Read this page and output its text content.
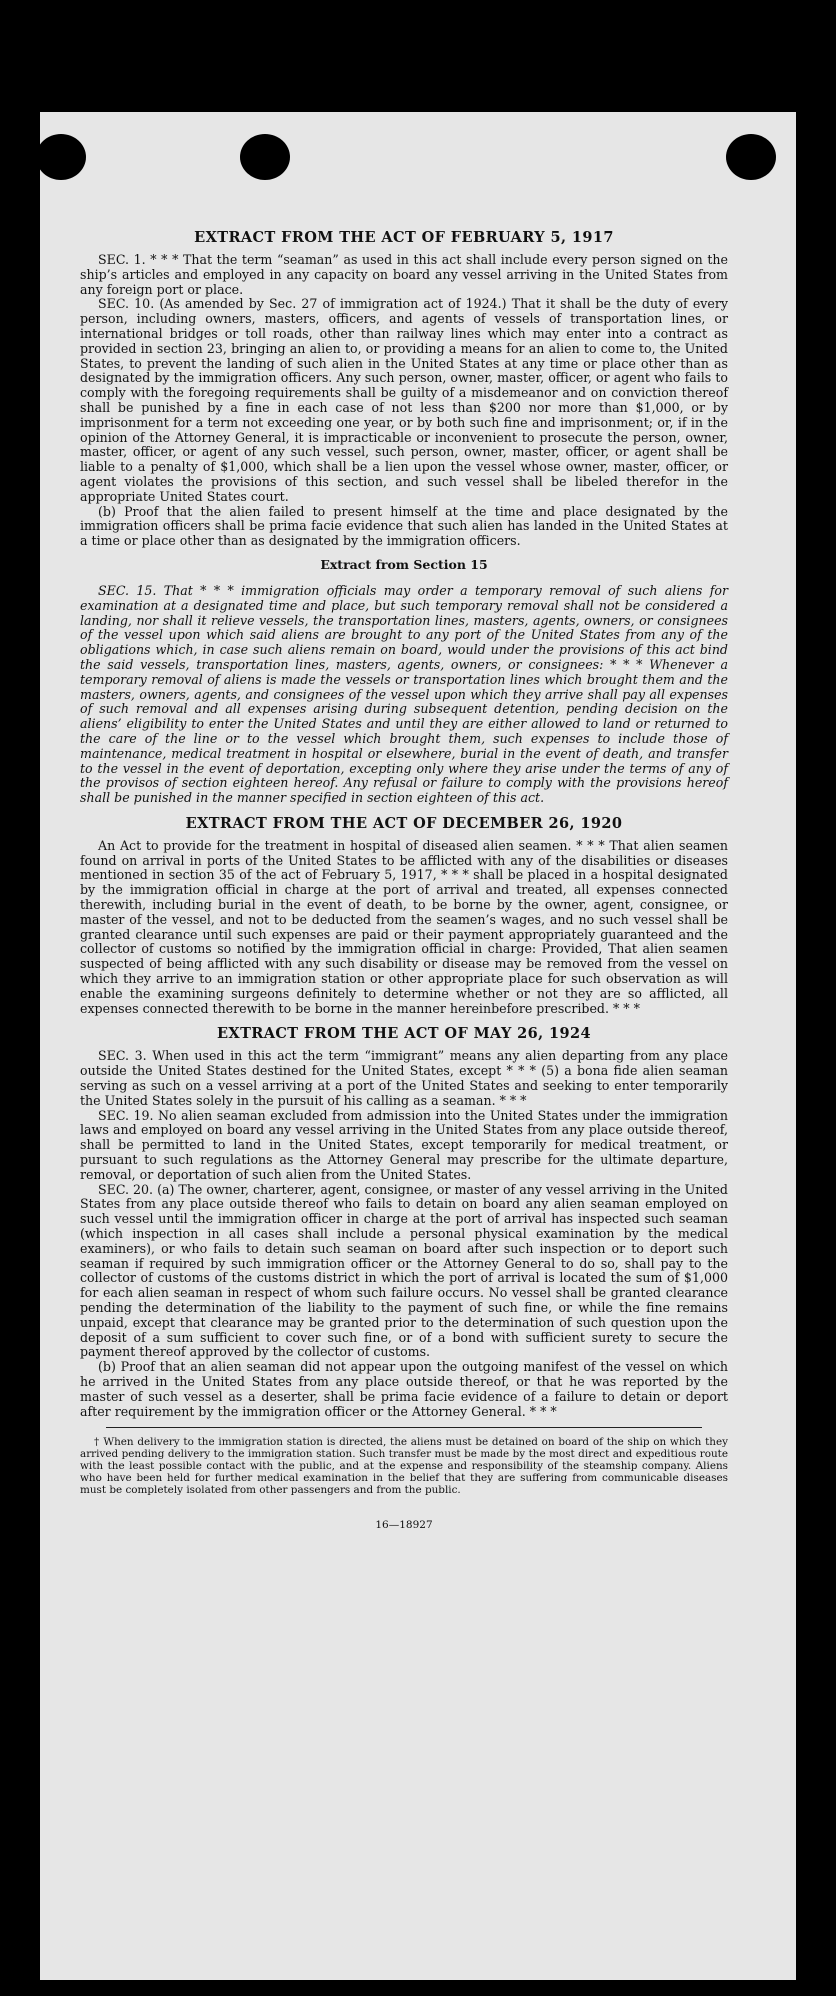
EXTRACT FROM THE ACT OF FEBRUARY 5, 1917

SEC. 1. * * * That the term “seaman” as used in this act shall include every person signed on the ship’s articles and employed in any capacity on board any vessel arriving in the United States from any foreign port or place.

SEC. 10. (As amended by Sec. 27 of immigration act of 1924.) That it shall be the duty of every person, including owners, masters, officers, and agents of vessels of transportation lines, or international bridges or toll roads, other than railway lines which may enter into a contract as provided in section 23, bringing an alien to, or providing a means for an alien to come to, the United States, to prevent the landing of such alien in the United States at any time or place other than as designated by the immigration officers. Any such person, owner, master, officer, or agent who fails to comply with the foregoing requirements shall be guilty of a misdemeanor and on conviction thereof shall be punished by a fine in each case of not less than $200 nor more than $1,000, or by imprisonment for a term not exceeding one year, or by both such fine and imprisonment; or, if in the opinion of the Attorney General, it is impracticable or inconvenient to prosecute the person, owner, master, officer, or agent of any such vessel, such person, owner, master, officer, or agent shall be liable to a penalty of $1,000, which shall be a lien upon the vessel whose owner, master, officer, or agent violates the provisions of this section, and such vessel shall be libeled therefor in the appropriate United States court.

(b) Proof that the alien failed to present himself at the time and place designated by the immigration officers shall be prima facie evidence that such alien has landed in the United States at a time or place other than as designated by the immigration officers.

Extract from Section 15

SEC. 15. That * * * immigration officials may order a temporary removal of such aliens for examination at a designated time and place, but such temporary removal shall not be considered a landing, nor shall it relieve vessels, the transportation lines, masters, agents, owners, or consignees of the vessel upon which said aliens are brought to any port of the United States from any of the obligations which, in case such aliens remain on board, would under the provisions of this act bind the said vessels, transportation lines, masters, agents, owners, or consignees: * * * Whenever a temporary removal of aliens is made the vessels or transportation lines which brought them and the masters, owners, agents, and consignees of the vessel upon which they arrive shall pay all expenses of such removal and all expenses arising during subsequent detention, pending decision on the aliens’ eligibility to enter the United States and until they are either allowed to land or returned to the care of the line or to the vessel which brought them, such expenses to include those of maintenance, medical treatment in hospital or elsewhere, burial in the event of death, and transfer to the vessel in the event of deportation, excepting only where they arise under the terms of any of the provisos of section eighteen hereof. Any refusal or failure to comply with the provisions hereof shall be punished in the manner specified in section eighteen of this act.

EXTRACT FROM THE ACT OF DECEMBER 26, 1920

An Act to provide for the treatment in hospital of diseased alien seamen. * * * That alien seamen found on arrival in ports of the United States to be afflicted with any of the disabilities or diseases mentioned in section 35 of the act of February 5, 1917, * * * shall be placed in a hospital designated by the immigration official in charge at the port of arrival and treated, all expenses connected therewith, including burial in the event of death, to be borne by the owner, agent, consignee, or master of the vessel, and not to be deducted from the seamen’s wages, and no such vessel shall be granted clearance until such expenses are paid or their payment appropriately guaranteed and the collector of customs so notified by the immigration official in charge: Provided, That alien seamen suspected of being afflicted with any such disability or disease may be removed from the vessel on which they arrive to an immigration station or other appropriate place for such observation as will enable the examining surgeons definitely to determine whether or not they are so afflicted, all expenses connected therewith to be borne in the manner hereinbefore prescribed. * * *

EXTRACT FROM THE ACT OF MAY 26, 1924

SEC. 3. When used in this act the term “immigrant” means any alien departing from any place outside the United States destined for the United States, except * * * (5) a bona fide alien seaman serving as such on a vessel arriving at a port of the United States and seeking to enter temporarily the United States solely in the pursuit of his calling as a seaman. * * *

SEC. 19. No alien seaman excluded from admission into the United States under the immigration laws and employed on board any vessel arriving in the United States from any place outside thereof, shall be permitted to land in the United States, except temporarily for medical treatment, or pursuant to such regulations as the Attorney General may prescribe for the ultimate departure, removal, or deportation of such alien from the United States.

SEC. 20. (a) The owner, charterer, agent, consignee, or master of any vessel arriving in the United States from any place outside thereof who fails to detain on board any alien seaman employed on such vessel until the immigration officer in charge at the port of arrival has inspected such seaman (which inspection in all cases shall include a personal physical examination by the medical examiners), or who fails to detain such seaman on board after such inspection or to deport such seaman if required by such immigration officer or the Attorney General to do so, shall pay to the collector of customs of the customs district in which the port of arrival is located the sum of $1,000 for each alien seaman in respect of whom such failure occurs. No vessel shall be granted clearance pending the determination of the liability to the payment of such fine, or while the fine remains unpaid, except that clearance may be granted prior to the determination of such question upon the deposit of a sum sufficient to cover such fine, or of a bond with sufficient surety to secure the payment thereof approved by the collector of customs.

(b) Proof that an alien seaman did not appear upon the outgoing manifest of the vessel on which he arrived in the United States from any place outside thereof, or that he was reported by the master of such vessel as a deserter, shall be prima facie evidence of a failure to detain or deport after requirement by the immigration officer or the Attorney General. * * *

† When delivery to the immigration station is directed, the aliens must be detained on board of the ship on which they arrived pending delivery to the immigration station. Such transfer must be made by the most direct and expeditious route with the least possible contact with the public, and at the expense and responsibility of the steamship company. Aliens who have been held for further medical examination in the belief that they are suffering from communicable diseases must be completely isolated from other passengers and from the public.

16—18927
